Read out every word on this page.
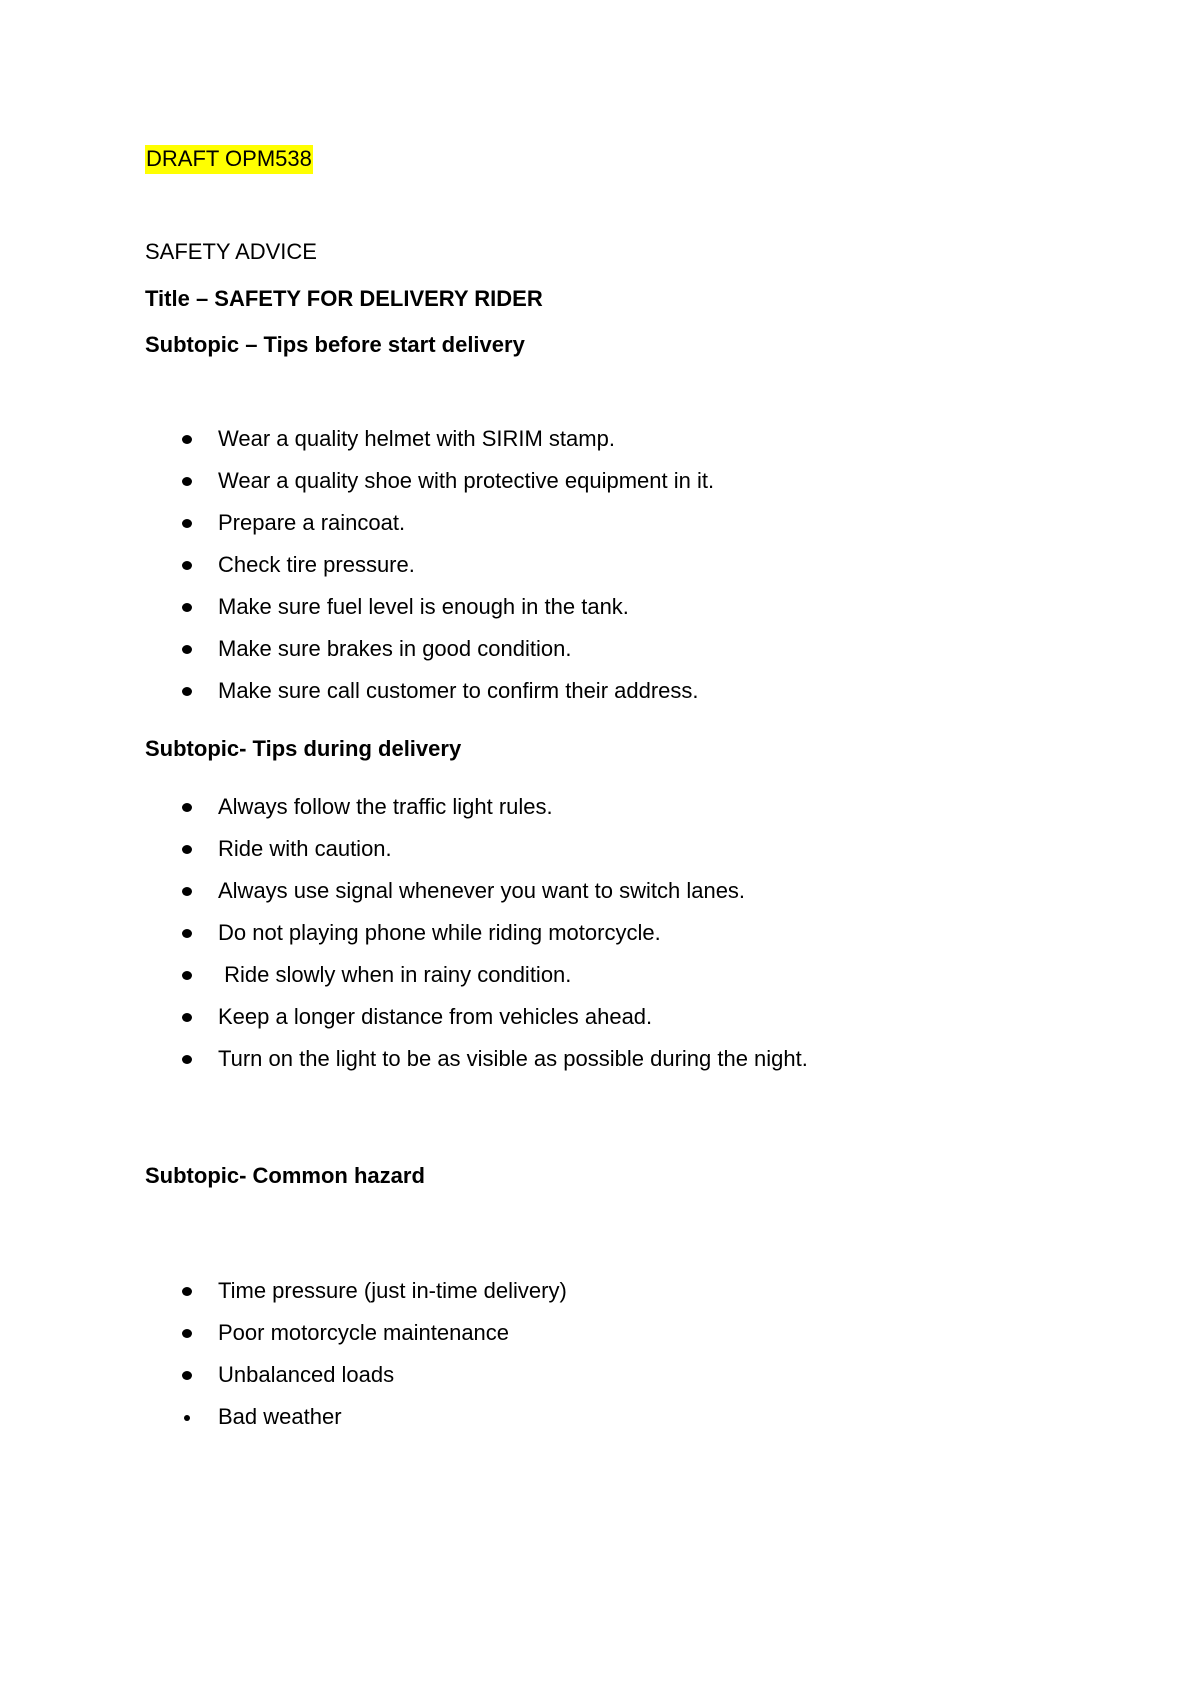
DRAFT OPM538
SAFETY ADVICE
Title – SAFETY FOR DELIVERY RIDER
Subtopic – Tips before start delivery
Wear a quality helmet with SIRIM stamp.
Wear a quality shoe with protective equipment in it.
Prepare a raincoat.
Check tire pressure.
Make sure fuel level is enough in the tank.
Make sure brakes in good condition.
Make sure call customer to confirm their address.
Subtopic- Tips during delivery
Always follow the traffic light rules.
Ride with caution.
Always use signal whenever you want to switch lanes.
Do not playing phone while riding motorcycle.
Ride slowly when in rainy condition.
Keep a longer distance from vehicles ahead.
Turn on the light to be as visible as possible during the night.
Subtopic- Common hazard
Time pressure (just in-time delivery)
Poor motorcycle maintenance
Unbalanced loads
Bad weather
